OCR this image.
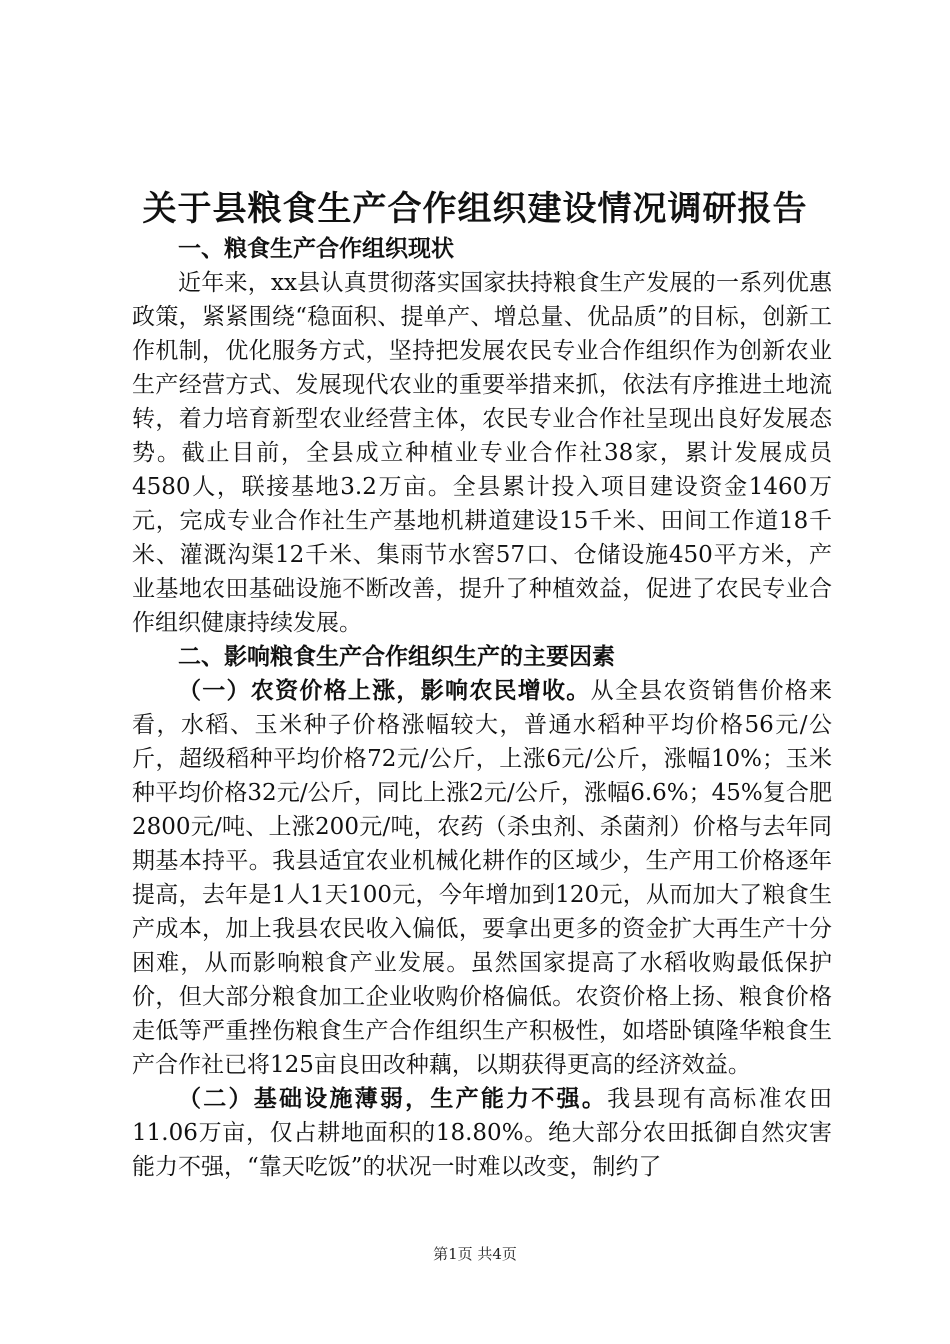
关于县粮食生产合作组织建设情况调研报告

一、粮食生产合作组织现状

近年来，xx县认真贯彻落实国家扶持粮食生产发展的一系列优惠政策，紧紧围绕“稳面积、提单产、增总量、优品质”的目标，创新工作机制，优化服务方式，坚持把发展农民专业合作组织作为创新农业生产经营方式、发展现代农业的重要举措来抓，依法有序推进土地流转，着力培育新型农业经营主体，农民专业合作社呈现出良好发展态势。截止目前，全县成立种植业专业合作社38家，累计发展成员4580人，联接基地3.2万亩。全县累计投入项目建设资金1460万元，完成专业合作社生产基地机耕道建设15千米、田间工作道18千米、灌溉沟渠12千米、集雨节水窖57口、仓储设施450平方米，产业基地农田基础设施不断改善，提升了种植效益，促进了农民专业合作组织健康持续发展。

二、影响粮食生产合作组织生产的主要因素

（一）农资价格上涨，影响农民增收。从全县农资销售价格来看，水稻、玉米种子价格涨幅较大，普通水稻种平均价格56元/公斤，超级稻种平均价格72元/公斤，上涨6元/公斤，涨幅10%；玉米种平均价格32元/公斤，同比上涨2元/公斤，涨幅6.6%；45%复合肥2800元/吨、上涨200元/吨，农药（杀虫剂、杀菌剂）价格与去年同期基本持平。我县适宜农业机械化耕作的区域少，生产用工价格逐年提高，去年是1人1天100元，今年增加到120元，从而加大了粮食生产成本，加上我县农民收入偏低，要拿出更多的资金扩大再生产十分困难，从而影响粮食产业发展。虽然国家提高了水稻收购最低保护价，但大部分粮食加工企业收购价格偏低。农资价格上扬、粮食价格走低等严重挫伤粮食生产合作组织生产积极性，如塔卧镇隆华粮食生产合作社已将125亩良田改种藕，以期获得更高的经济效益。

（二）基础设施薄弱，生产能力不强。我县现有高标准农田11.06万亩，仅占耕地面积的18.80%。绝大部分农田抵御自然灾害能力不强，“靠天吃饭”的状况一时难以改变，制约了

第1页 共4页
